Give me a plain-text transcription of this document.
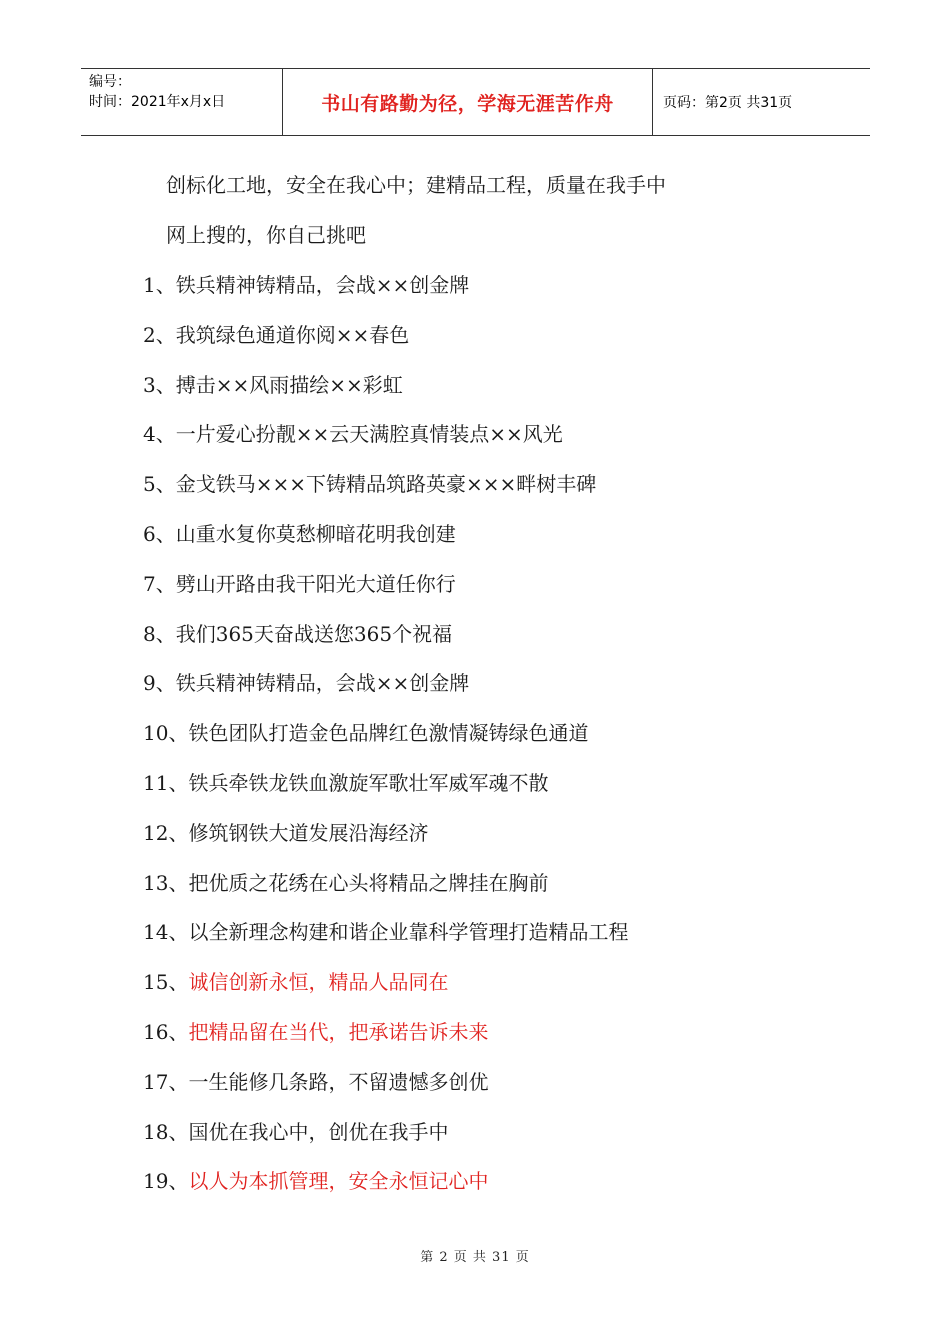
编号：
时间：2021年x月x日	书山有路勤为径，学海无涯苦作舟	页码：第2页 共31页
创标化工地，安全在我心中；建精品工程，质量在我手中
网上搜的，你自己挑吧
1、铁兵精神铸精品，会战××创金牌
2、我筑绿色通道你阅××春色
3、搏击××风雨描绘××彩虹
4、一片爱心扮靓××云天满腔真情装点××风光
5、金戈铁马×××下铸精品筑路英豪×××畔树丰碑
6、山重水复你莫愁柳暗花明我创建
7、劈山开路由我干阳光大道任你行
8、我们365天奋战送您365个祝福
9、铁兵精神铸精品，会战××创金牌
10、铁色团队打造金色品牌红色激情凝铸绿色通道
11、铁兵牵铁龙铁血激旋军歌壮军威军魂不散
12、修筑钢铁大道发展沿海经济
13、把优质之花绣在心头将精品之牌挂在胸前
14、以全新理念构建和谐企业靠科学管理打造精品工程
15、诚信创新永恒，精品人品同在
16、把精品留在当代，把承诺告诉未来
17、一生能修几条路，不留遗憾多创优
18、国优在我心中，创优在我手中
19、以人为本抓管理，安全永恒记心中
第 2 页 共 31 页
